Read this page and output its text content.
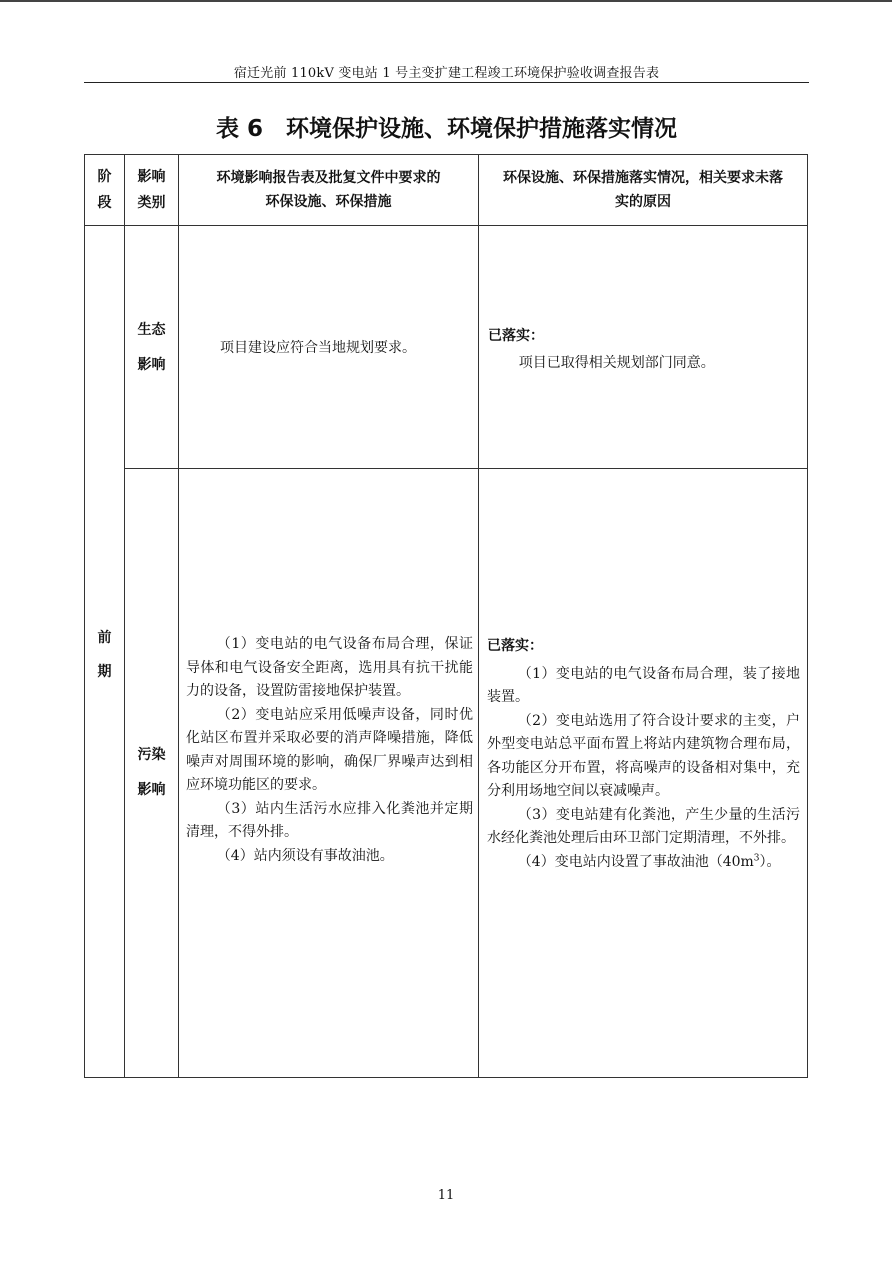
宿迁光前 110kV 变电站 1 号主变扩建工程竣工环境保护验收调查报告表
表 6　环境保护设施、环境保护措施落实情况
阶
段
影响
类别
环境影响报告表及批复文件中要求的
环保设施、环保措施
环保设施、环保措施落实情况，相关要求未落
实的原因
前
期
生态
影响
项目建设应符合当地规划要求。

已落实：

项目已取得相关规划部门同意。

污染
影响

（1）变电站的电气设备布局合理，保证导体和电气设备安全距离，选用具有抗干扰能力的设备，设置防雷接地保护装置。

（2）变电站应采用低噪声设备，同时优化站区布置并采取必要的消声降噪措施，降低噪声对周围环境的影响，确保厂界噪声达到相应环境功能区的要求。

（3）站内生活污水应排入化粪池并定期清理，不得外排。

（4）站内须设有事故油池。

已落实：

（1）变电站的电气设备布局合理，装了接地装置。

（2）变电站选用了符合设计要求的主变，户外型变电站总平面布置上将站内建筑物合理布局，各功能区分开布置，将高噪声的设备相对集中，充分利用场地空间以衰减噪声。

（3）变电站建有化粪池，产生少量的生活污水经化粪池处理后由环卫部门定期清理，不外排。

（4）变电站内设置了事故油池$(40m^3)$。

11
